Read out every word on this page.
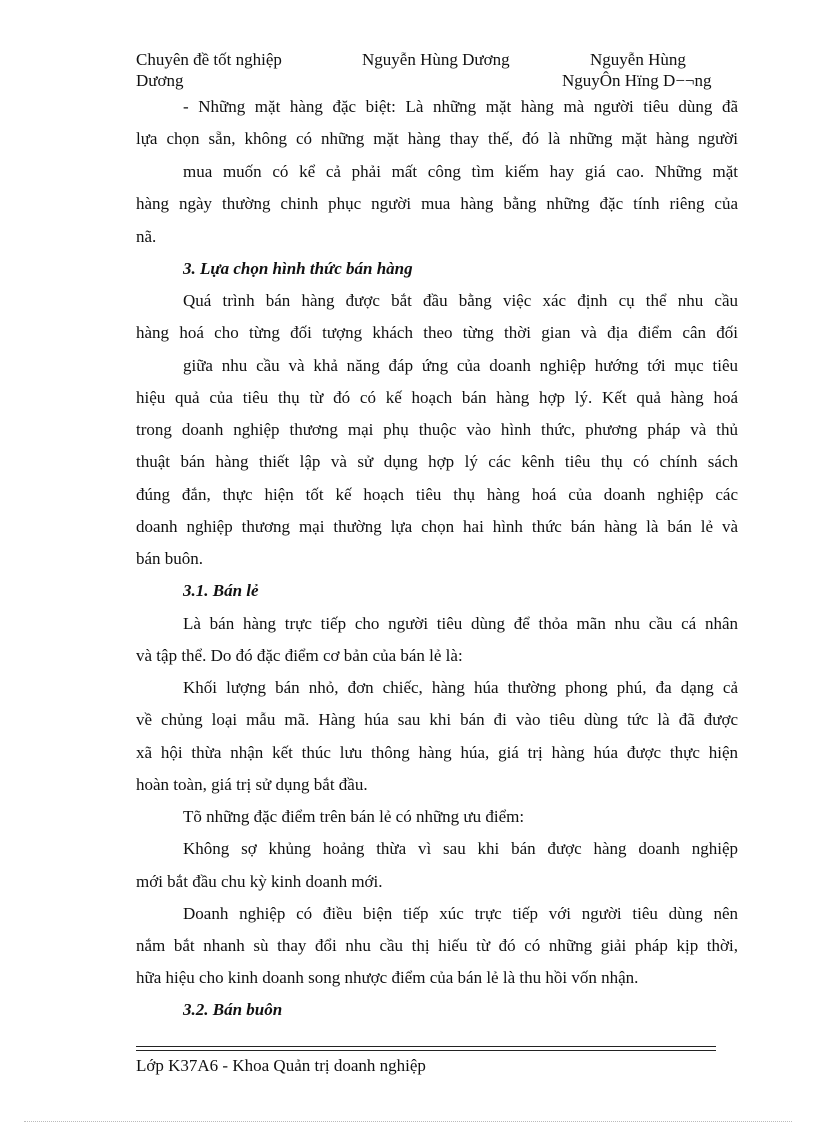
Chuyên đề tốt nghiệp
Dương
Nguyễn Hùng Dương	Nguyễn Hùng
NguyÔn Hïng D−¬ng
- Những mặt hàng đặc biệt: Là những mặt hàng mà người tiêu dùng đã
lựa chọn sẵn, không có những mặt hàng thay thế, đó là những mặt hàng người
mua muốn có kể cả phải mất công tìm kiếm hay giá cao. Những mặt
hàng ngày thường chinh phục người mua hàng bằng những đặc tính riêng của
nã.
3. Lựa chọn hình thức bán hàng
Quá trình bán hàng được bắt đầu bằng việc xác định cụ thể nhu cầu
hàng hoá cho từng đối tượng khách theo từng thời gian và địa điểm cân đối
giữa nhu cầu và khả năng đáp ứng của doanh nghiệp hướng tới mục tiêu
hiệu quả của tiêu thụ từ đó có kế hoạch bán hàng hợp lý. Kết quả hàng hoá
trong doanh nghiệp thương mại phụ thuộc vào hình thức, phương pháp và thủ
thuật bán hàng thiết lập và sử dụng hợp lý các kênh tiêu thụ có chính sách
đúng đắn, thực hiện tốt kế hoạch tiêu thụ hàng hoá của doanh nghiệp các
doanh nghiệp thương mại thường lựa chọn hai hình thức bán hàng là bán lẻ và
bán buôn.
3.1. Bán lẻ
Là bán hàng trực tiếp cho người tiêu dùng để thỏa mãn nhu cầu cá nhân
và tập thể. Do đó đặc điểm cơ bản của bán lẻ là:
Khối lượng bán nhỏ, đơn chiếc, hàng húa thường phong phú, đa dạng cả
về chủng loại mẫu mã. Hàng húa sau khi bán đi vào tiêu dùng tức là đã được
xã hội thừa nhận kết thúc lưu thông hàng húa, giá trị hàng húa được thực hiện
hoàn toàn, giá trị sử dụng bắt đầu.
Tõ những đặc điểm trên bán lẻ có những ưu điểm:
Không sợ khủng hoảng thừa vì sau khi bán được hàng doanh nghiệp
mới bắt đầu chu kỳ kinh doanh mới.
Doanh nghiệp có điều biện tiếp xúc trực tiếp với người tiêu dùng nên
nắm bắt nhanh sù thay đổi nhu cầu thị hiếu từ đó có những giải pháp kịp thời,
hữa hiệu cho kinh doanh song nhược điểm của bán lẻ là thu hồi vốn nhận.
3.2. Bán buôn
Lớp K37A6 - Khoa Quản trị doanh nghiệp
